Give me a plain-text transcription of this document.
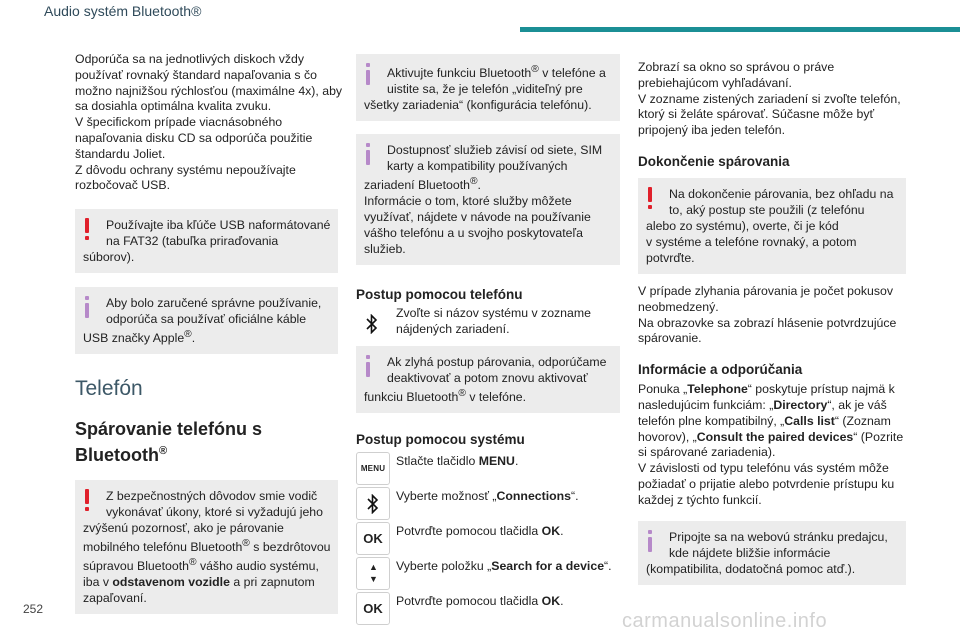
Audio systém Bluetooth®
Odporúča sa na jednotlivých diskoch vždy
používať rovnaký štandard napaľovania s čo
možno najnižšou rýchlosťou (maximálne 4x), aby
sa dosiahla optimálna kvalita zvuku.
V špecifickom prípade viacnásobného
napaľovania disku CD sa odporúča použitie
štandardu Joliet.
Z dôvodu ochrany systému nepoužívajte
rozbočovač USB.
Používajte iba kľúče USB naformátované
na FAT32 (tabuľka priraďovania
súborov).
Aby bolo zaručené správne používanie,
odporúča sa používať oficiálne káble
USB značky Apple®.
Telefón
Spárovanie telefónu s
Bluetooth®
Z bezpečnostných dôvodov smie vodič
vykonávať úkony, ktoré si vyžadujú jeho
zvýšenú pozornosť, ako je párovanie
mobilného telefónu Bluetooth® s bezdrôtovou
súpravou Bluetooth® vášho audio systému,
iba v odstavenom vozidle a pri zapnutom
zapaľovaní.
Aktivujte funkciu Bluetooth® v telefóne a
uistite sa, že je telefón „viditeľný pre
všetky zariadenia“ (konfigurácia telefónu).
Dostupnosť služieb závisí od siete, SIM
karty a kompatibility používaných
zariadení Bluetooth®.
Informácie o tom, ktoré služby môžete
využívať, nájdete v návode na používanie
vášho telefónu a u svojho poskytovateľa
služieb.
Postup pomocou telefónu
Zvoľte si názov systému v zozname
nájdených zariadení.
Ak zlyhá postup párovania, odporúčame
deaktivovať a potom znovu aktivovať
funkciu Bluetooth® v telefóne.
Postup pomocou systému
MENU
Stlačte tlačidlo MENU.
Vyberte možnosť „Connections“.
OK	Potvrďte pomocou tlačidla OK.
▲▼	Vyberte položku „Search for a device“.
OK	Potvrďte pomocou tlačidla OK.
Zobrazí sa okno so správou o práve
prebiehajúcom vyhľadávaní.
V zozname zistených zariadení si zvoľte telefón,
ktorý si želáte spárovať. Súčasne môže byť
pripojený iba jeden telefón.
Dokončenie spárovania
Na dokončenie párovania, bez ohľadu na
to, aký postup ste použili (z telefónu
alebo zo systému), overte, či je kód
v systéme a telefóne rovnaký, a potom
potvrďte.
V prípade zlyhania párovania je počet pokusov
neobmedzený.
Na obrazovke sa zobrazí hlásenie potvrdzujúce
spárovanie.
Informácie a odporúčania
Ponuka „Telephone“ poskytuje prístup najmä k
nasledujúcim funkciám: „Directory“, ak je váš
telefón plne kompatibilný, „Calls list“ (Zoznam
hovorov), „Consult the paired devices“ (Pozrite
si spárované zariadenia).
V závislosti od typu telefónu vás systém môže
požiadať o prijatie alebo potvrdenie prístupu ku
každej z týchto funkcií.
Pripojte sa na webovú stránku predajcu,
kde nájdete bližšie informácie
(kompatibilita, dodatočná pomoc atď.).
252
carmanualsonline.info
